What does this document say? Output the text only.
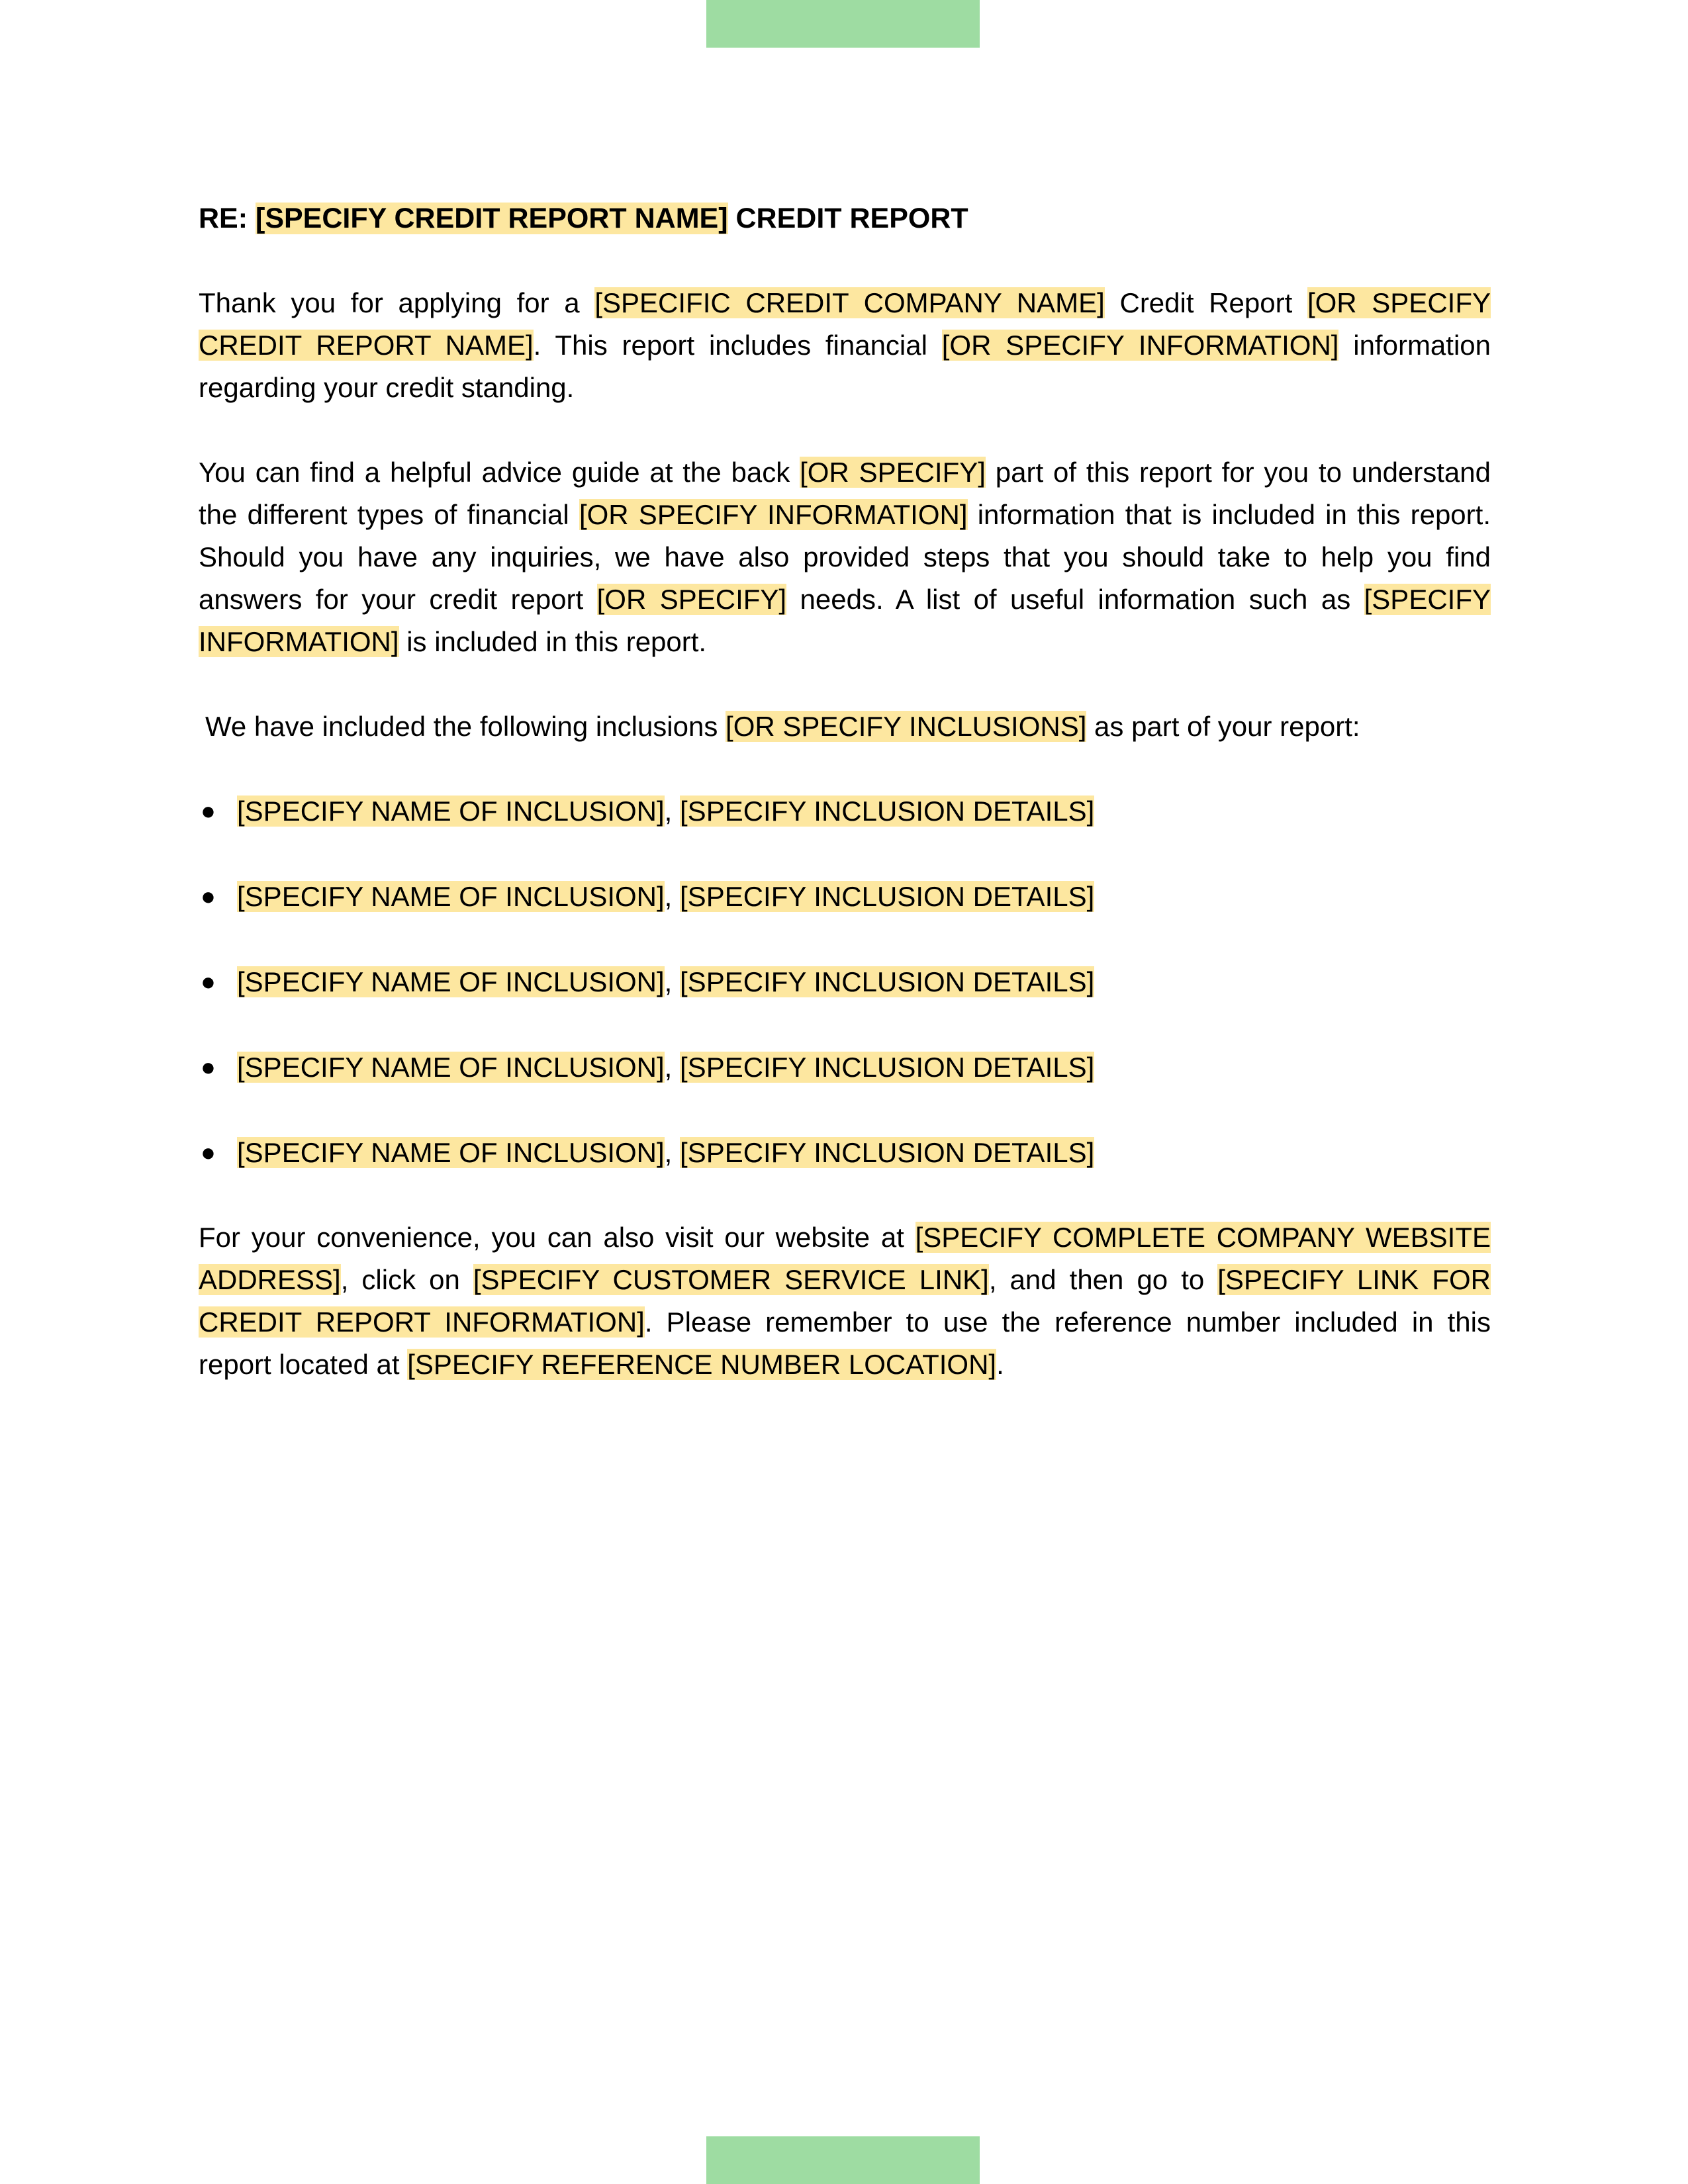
RE: [SPECIFY CREDIT REPORT NAME] CREDIT REPORT

Thank you for applying for a [SPECIFIC CREDIT COMPANY NAME] Credit Report [OR SPECIFY CREDIT REPORT NAME]. This report includes financial [OR SPECIFY INFORMATION] information regarding your credit standing.

You can find a helpful advice guide at the back [OR SPECIFY] part of this report for you to understand the different types of financial [OR SPECIFY INFORMATION] information that is included in this report. Should you have any inquiries, we have also provided steps that you should take to help you find answers for your credit report [OR SPECIFY] needs. A list of useful information such as [SPECIFY INFORMATION] is included in this report.

We have included the following inclusions [OR SPECIFY INCLUSIONS] as part of your report:

● [SPECIFY NAME OF INCLUSION], [SPECIFY INCLUSION DETAILS]
● [SPECIFY NAME OF INCLUSION], [SPECIFY INCLUSION DETAILS]
● [SPECIFY NAME OF INCLUSION], [SPECIFY INCLUSION DETAILS]
● [SPECIFY NAME OF INCLUSION], [SPECIFY INCLUSION DETAILS]
● [SPECIFY NAME OF INCLUSION], [SPECIFY INCLUSION DETAILS]

For your convenience, you can also visit our website at [SPECIFY COMPLETE COMPANY WEBSITE ADDRESS], click on [SPECIFY CUSTOMER SERVICE LINK], and then go to [SPECIFY LINK FOR CREDIT REPORT INFORMATION]. Please remember to use the reference number included in this report located at [SPECIFY REFERENCE NUMBER LOCATION].
